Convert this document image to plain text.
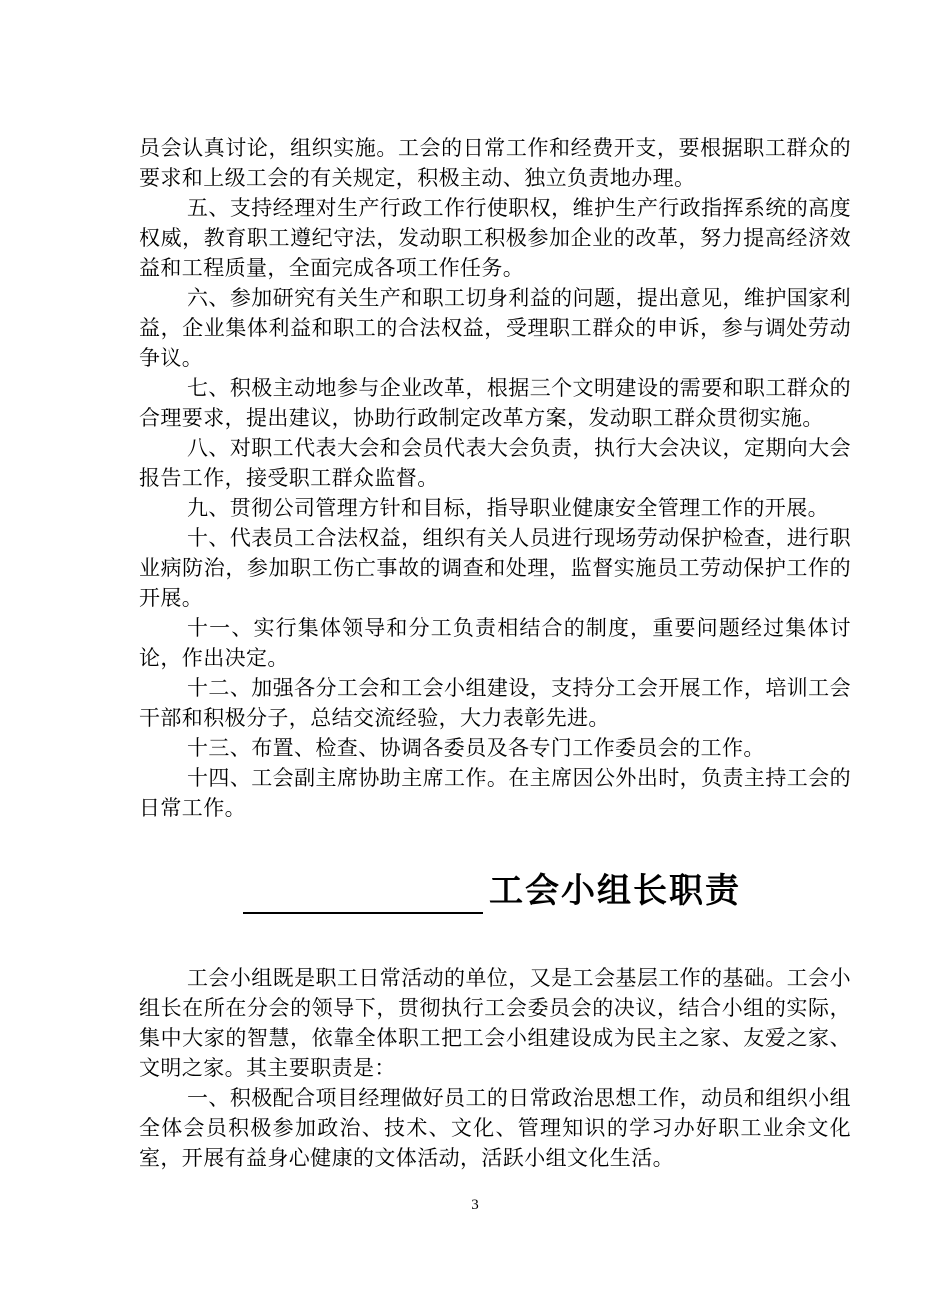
员会认真讨论，组织实施。工会的日常工作和经费开支，要根据职工群众的要求和上级工会的有关规定，积极主动、独立负责地办理。

五、支持经理对生产行政工作行使职权，维护生产行政指挥系统的高度权威，教育职工遵纪守法，发动职工积极参加企业的改革，努力提高经济效益和工程质量，全面完成各项工作任务。

六、参加研究有关生产和职工切身利益的问题，提出意见，维护国家利益，企业集体利益和职工的合法权益，受理职工群众的申诉，参与调处劳动争议。

七、积极主动地参与企业改革，根据三个文明建设的需要和职工群众的合理要求，提出建议，协助行政制定改革方案，发动职工群众贯彻实施。

八、对职工代表大会和会员代表大会负责，执行大会决议，定期向大会报告工作，接受职工群众监督。

九、贯彻公司管理方针和目标，指导职业健康安全管理工作的开展。

十、代表员工合法权益，组织有关人员进行现场劳动保护检查，进行职业病防治，参加职工伤亡事故的调查和处理，监督实施员工劳动保护工作的开展。

十一、实行集体领导和分工负责相结合的制度，重要问题经过集体讨论，作出决定。

十二、加强各分工会和工会小组建设，支持分工会开展工作，培训工会干部和积极分子，总结交流经验，大力表彰先进。

十三、布置、检查、协调各委员及各专门工作委员会的工作。

十四、工会副主席协助主席工作。在主席因公外出时，负责主持工会的日常工作。

工会小组长职责

工会小组既是职工日常活动的单位，又是工会基层工作的基础。工会小组长在所在分会的领导下，贯彻执行工会委员会的决议，结合小组的实际，集中大家的智慧，依靠全体职工把工会小组建设成为民主之家、友爱之家、文明之家。其主要职责是：

一、积极配合项目经理做好员工的日常政治思想工作，动员和组织小组全体会员积极参加政治、技术、文化、管理知识的学习办好职工业余文化室，开展有益身心健康的文体活动，活跃小组文化生活。

3
